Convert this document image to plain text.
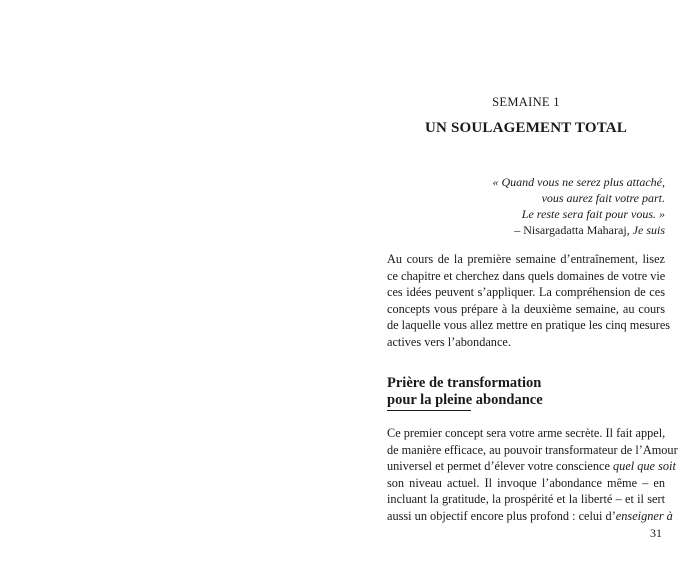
SEMAINE 1
UN SOULAGEMENT TOTAL
« Quand vous ne serez plus attaché,
vous aurez fait votre part.
Le reste sera fait pour vous. »
– Nisargadatta Maharaj, Je suis
Au cours de la première semaine d’entraînement, lisez
ce chapitre et cherchez dans quels domaines de votre vie
ces idées peuvent s’appliquer. La compréhension de ces
concepts vous prépare à la deuxième semaine, au cours
de laquelle vous allez mettre en pratique les cinq mesures
actives vers l’abondance.
Prière de transformation
pour la pleine abondance
Ce premier concept sera votre arme secrète. Il fait appel,
de manière efficace, au pouvoir transformateur de l’Amour
universel et permet d’élever votre conscience quel que soit
son niveau actuel. Il invoque l’abondance même – en
incluant la gratitude, la prospérité et la liberté – et il sert
aussi un objectif encore plus profond : celui d’enseigner à
31
